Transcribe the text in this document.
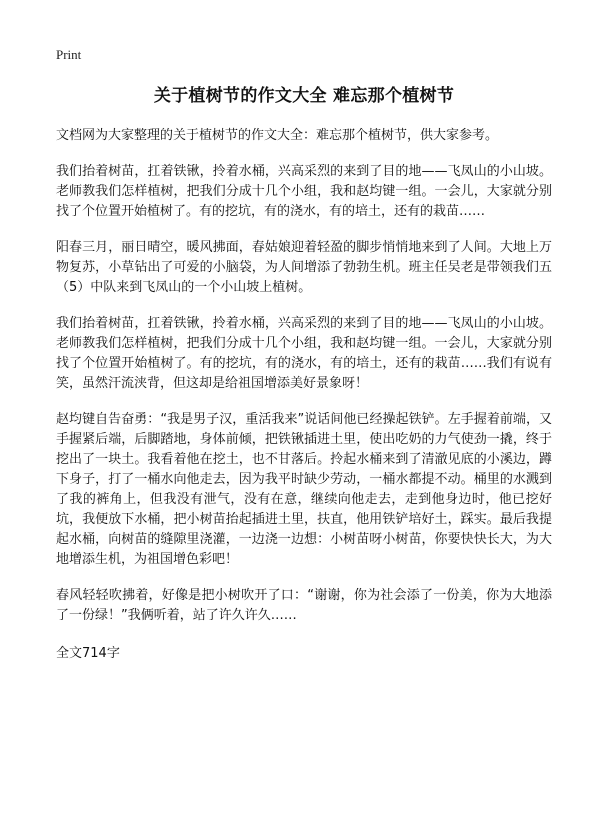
Print
关于植树节的作文大全 难忘那个植树节

文档网为大家整理的关于植树节的作文大全：难忘那个植树节，供大家参考。

我们抬着树苗，扛着铁锹，拎着水桶，兴高采烈的来到了目的地——飞凤山的小山坡。老师教我们怎样植树，把我们分成十几个小组，我和赵均键一组。一会儿，大家就分别找了个位置开始植树了。有的挖坑，有的浇水，有的培土，还有的栽苗……

阳春三月，丽日晴空，暖风拂面，春姑娘迎着轻盈的脚步悄悄地来到了人间。大地上万物复苏，小草钻出了可爱的小脑袋，为人间增添了勃勃生机。班主任吴老是带领我们五（5）中队来到飞凤山的一个小山坡上植树。

我们抬着树苗，扛着铁锹，拎着水桶，兴高采烈的来到了目的地——飞凤山的小山坡。老师教我们怎样植树，把我们分成十几个小组，我和赵均键一组。一会儿，大家就分别找了个位置开始植树了。有的挖坑，有的浇水，有的培土，还有的栽苗……我们有说有笑，虽然汗流浃背，但这却是给祖国增添美好景象呀！

赵均键自告奋勇：“我是男子汉，重活我来”说话间他已经操起铁铲。左手握着前端，又手握紧后端，后脚踏地，身体前倾，把铁锹插进土里，使出吃奶的力气使劲一撬，终于挖出了一块土。我看着他在挖土，也不甘落后。拎起水桶来到了清澈见底的小溪边，蹲下身子，打了一桶水向他走去，因为我平时缺少劳动，一桶水都提不动。桶里的水溅到了我的裤角上，但我没有泄气，没有在意，继续向他走去，走到他身边时，他已挖好坑，我便放下水桶，把小树苗抬起插进土里，扶直，他用铁铲培好土，踩实。最后我提起水桶，向树苗的缝隙里浇灌，一边浇一边想：小树苗呀小树苗，你要快快长大，为大地增添生机，为祖国增色彩吧！

春风轻轻吹拂着，好像是把小树吹开了口：“谢谢，你为社会添了一份美，你为大地添了一份绿！”我俩听着，站了许久许久……

全文714字
